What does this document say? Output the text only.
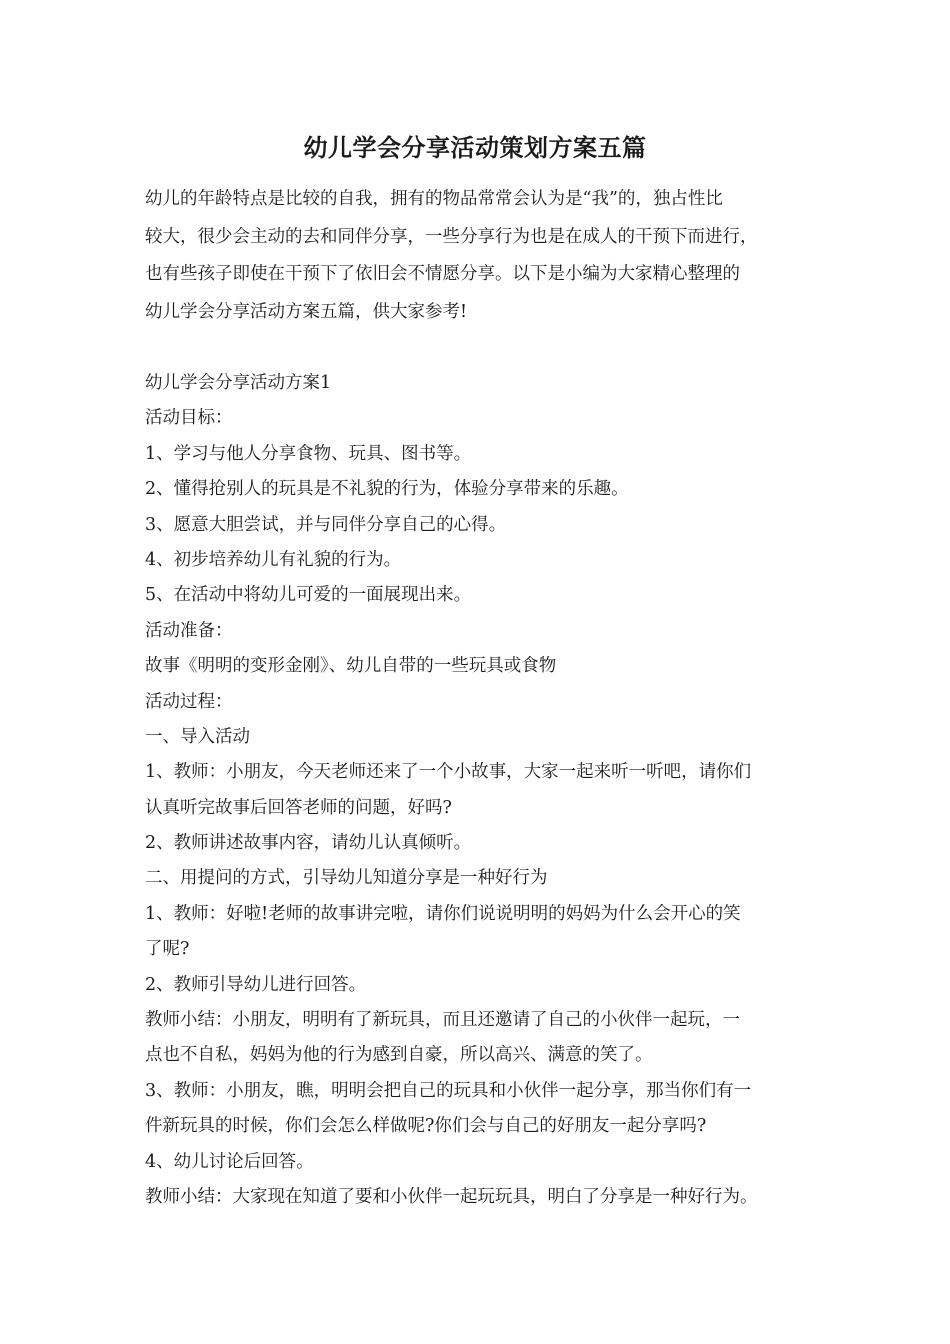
幼儿学会分享活动策划方案五篇
幼儿的年龄特点是比较的自我，拥有的物品常常会认为是“我”的，独占性比
较大，很少会主动的去和同伴分享，一些分享行为也是在成人的干预下而进行，
也有些孩子即使在干预下了依旧会不情愿分享。以下是小编为大家精心整理的
幼儿学会分享活动方案五篇，供大家参考!
幼儿学会分享活动方案1
活动目标：
1、学习与他人分享食物、玩具、图书等。
2、懂得抢别人的玩具是不礼貌的行为，体验分享带来的乐趣。
3、愿意大胆尝试，并与同伴分享自己的心得。
4、初步培养幼儿有礼貌的行为。
5、在活动中将幼儿可爱的一面展现出来。
活动准备：
故事《明明的变形金刚》、幼儿自带的一些玩具或食物
活动过程：
一、导入活动
1、教师：小朋友，今天老师还来了一个小故事，大家一起来听一听吧，请你们
认真听完故事后回答老师的问题，好吗?
2、教师讲述故事内容，请幼儿认真倾听。
二、用提问的方式，引导幼儿知道分享是一种好行为
1、教师：好啦!老师的故事讲完啦，请你们说说明明的妈妈为什么会开心的笑
了呢?
2、教师引导幼儿进行回答。
教师小结：小朋友，明明有了新玩具，而且还邀请了自己的小伙伴一起玩，一
点也不自私，妈妈为他的行为感到自豪，所以高兴、满意的笑了。
3、教师：小朋友，瞧，明明会把自己的玩具和小伙伴一起分享，那当你们有一
件新玩具的时候，你们会怎么样做呢?你们会与自己的好朋友一起分享吗?
4、幼儿讨论后回答。
教师小结：大家现在知道了要和小伙伴一起玩玩具，明白了分享是一种好行为。
